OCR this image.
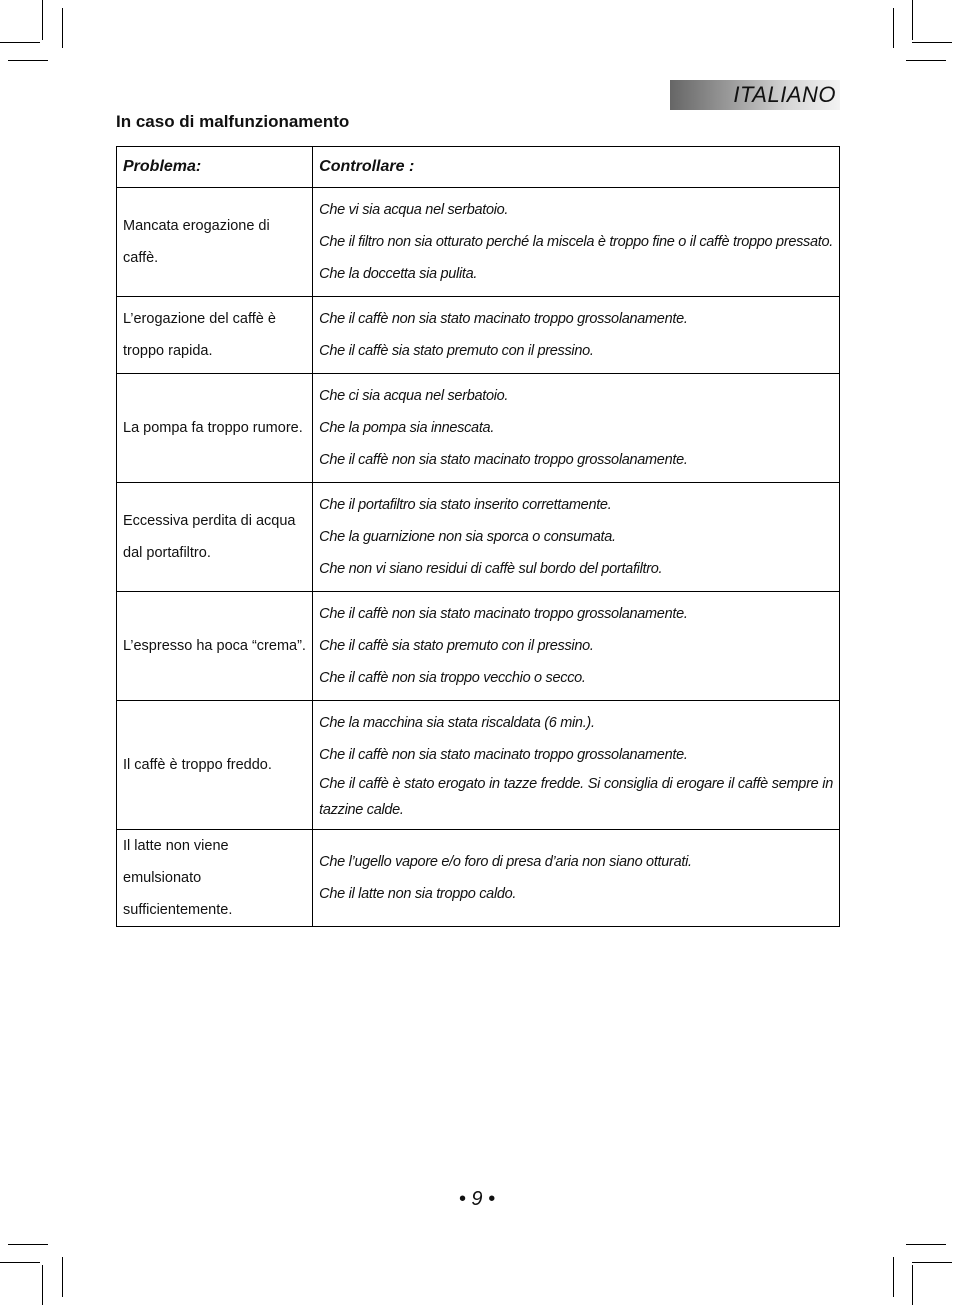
ITALIANO
In caso di malfunzionamento
Problema:	Controllare :
Mancata erogazione di caffè.	Che vi sia acqua nel serbatoio.
Che il filtro non sia otturato perché la miscela è troppo fine o il caffè troppo pressato.
Che la doccetta sia pulita.

L’erogazione del caffè è troppo rapida.	Che il caffè non sia stato macinato troppo grossolanamente.
Che il caffè sia stato premuto con il pressino.

La pompa fa troppo rumore.	Che ci sia acqua nel serbatoio.
Che la pompa sia innescata.
Che il caffè non sia stato macinato troppo grossolanamente.

Eccessiva perdita di acqua dal portafiltro.	Che il portafiltro sia stato inserito correttamente.
Che la guarnizione non sia sporca o consumata.
Che non vi siano residui di caffè sul bordo del portafiltro.

L’espresso ha poca “crema”.	Che il caffè non sia stato macinato troppo grossolanamente.
Che il caffè sia stato premuto con il pressino.
Che il caffè non sia troppo vecchio o secco.

Il caffè è troppo freddo.	Che la macchina sia stata riscaldata (6 min.).
Che il caffè non sia stato macinato troppo grossolanamente.
Che il caffè è stato erogato in tazze fredde. Si consiglia di erogare il caffè sempre in tazzine calde.

Il latte non viene emulsionato sufficientemente.	Che l’ugello vapore e/o foro di presa d’aria non siano otturati.
Che il latte non sia troppo caldo.
• 9 •
